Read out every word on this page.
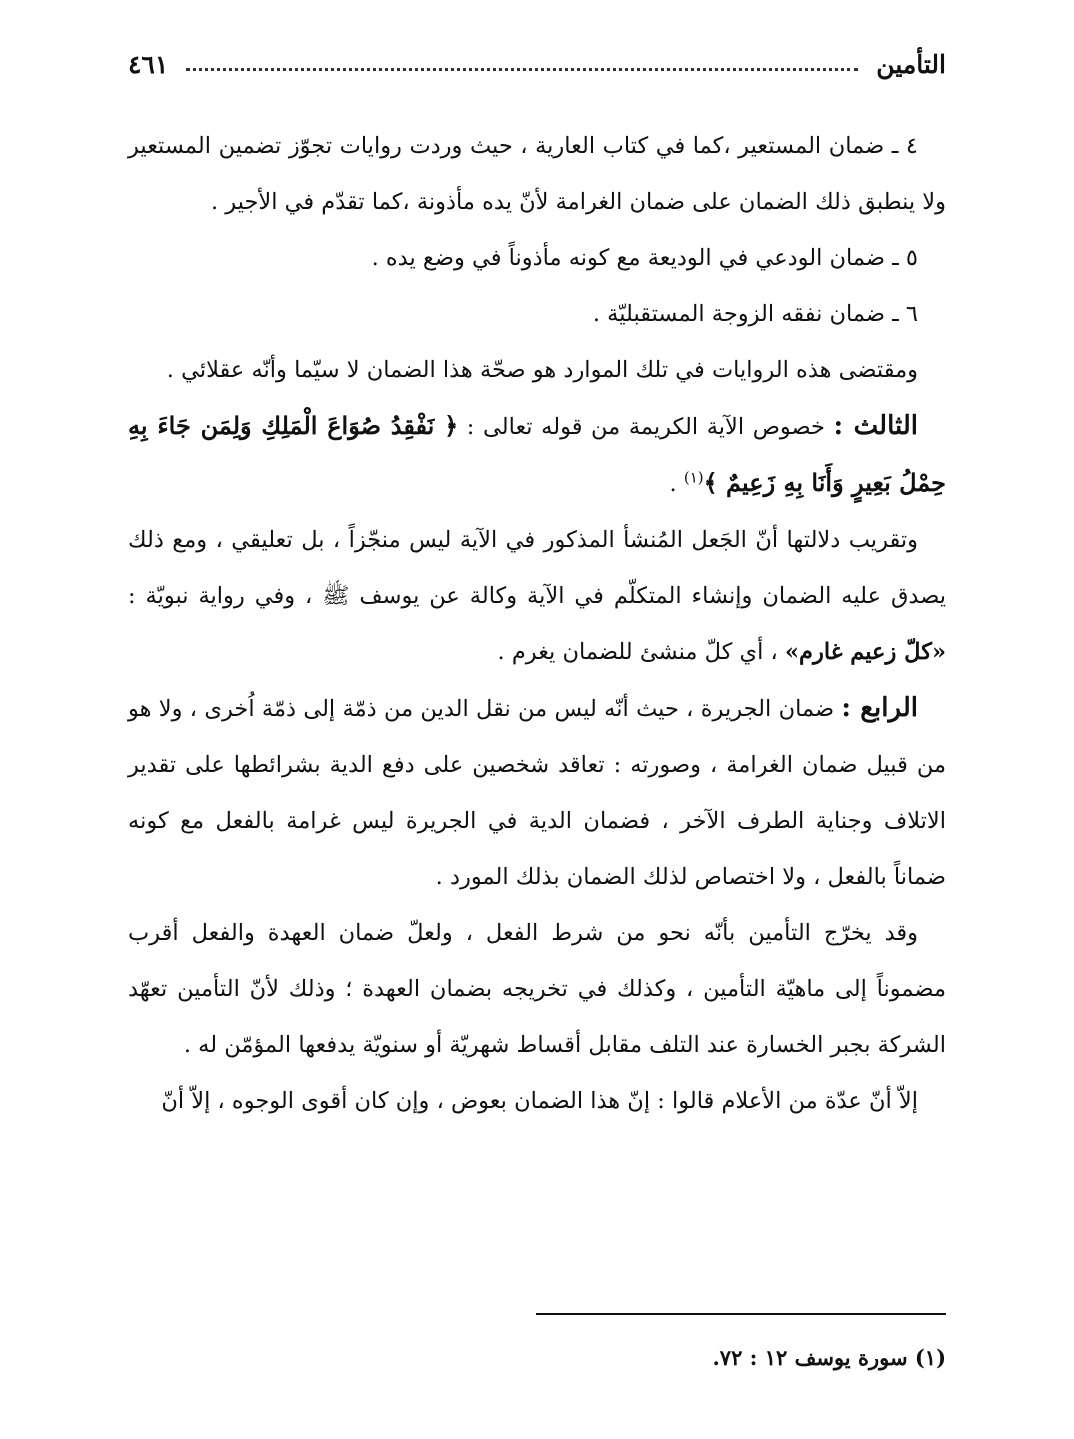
التأمين
٤٦١

٤ ـ ضمان المستعير ،كما في كتاب العارية ، حيث وردت روايات تجوّز تضمين المستعير ولا ينطبق ذلك الضمان على ضمان الغرامة لأنّ يده مأذونة ،كما تقدّم في الأجير .

٥ ـ ضمان الودعي في الوديعة مع كونه مأذوناً في وضع يده .

٦ ـ ضمان نفقه الزوجة المستقبليّة .

ومقتضى هذه الروايات في تلك الموارد هو صحّة هذا الضمان لا سيّما وأنّه عقلائي .

الثالث : خصوص الآية الكريمة من قوله تعالى : ﴿ نَفْقِدُ صُوَاعَ الْمَلِكِ وَلِمَن جَاءَ بِهِ حِمْلُ بَعِيرٍ وَأَنَا بِهِ زَعِيمٌ ﴾$^{(١)}$ .

وتقريب دلالتها أنّ الجَعل المُنشأ المذكور في الآية ليس منجّزاً ، بل تعليقي ، ومع ذلك يصدق عليه الضمان وإنشاء المتكلّم في الآية وكالة عن يوسف ﷺ ، وفي رواية نبويّة : «كلّ زعيم غارم» ، أي كلّ منشئ للضمان يغرم .

الرابع : ضمان الجريرة ، حيث أنّه ليس من نقل الدين من ذمّة إلى ذمّة اُخرى ، ولا هو من قبيل ضمان الغرامة ، وصورته : تعاقد شخصين على دفع الدية بشرائطها على تقدير الاتلاف وجناية الطرف الآخر ، فضمان الدية في الجريرة ليس غرامة بالفعل مع كونه ضماناً بالفعل ، ولا اختصاص لذلك الضمان بذلك المورد .

وقد يخرّج التأمين بأنّه نحو من شرط الفعل ، ولعلّ ضمان العهدة والفعل أقرب مضموناً إلى ماهيّة التأمين ، وكذلك في تخريجه بضمان العهدة ؛ وذلك لأنّ التأمين تعهّد الشركة بجبر الخسارة عند التلف مقابل أقساط شهريّة أو سنويّة يدفعها المؤمّن له .

إلاّ أنّ عدّة من الأعلام قالوا : إنّ هذا الضمان بعوض ، وإن كان أقوى الوجوه ، إلاّ أنّ

(١) سورة يوسف ١٢ : ٧٢.
